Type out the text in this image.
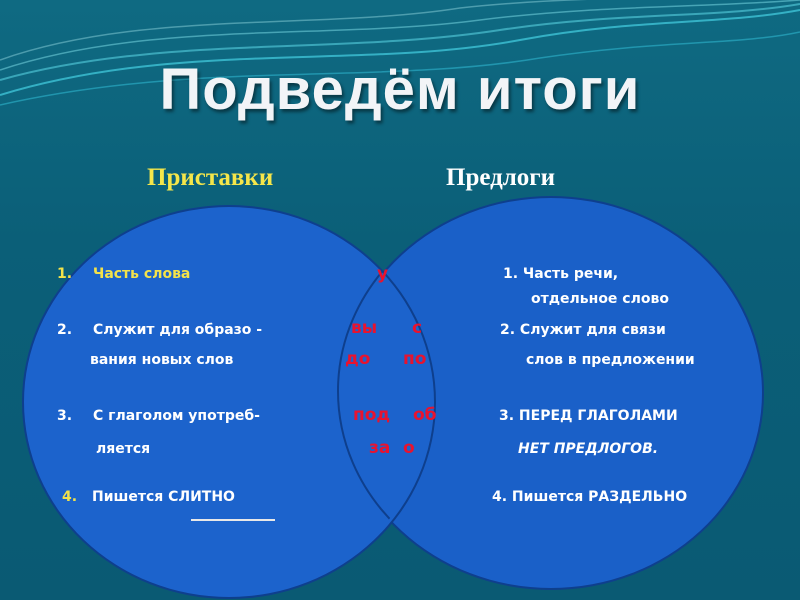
Подведём итоги
Приставки	Предлоги
1. Часть слова
2. Служит для образо -
вания новых слов
3. С глаголом употреб-
ляется
4. Пишется СЛИТНО
у
вы с
до по
под об
за о
1. Часть речи,
отдельное слово
2. Служит для связи
слов в предложении
3. ПЕРЕД ГЛАГОЛАМИ
НЕТ ПРЕДЛОГОВ.
4. Пишется РАЗДЕЛЬНО
